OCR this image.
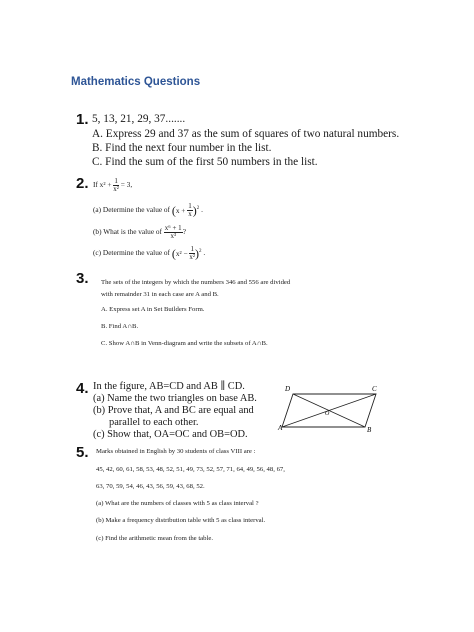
Mathematics Questions
1. 5, 13, 21, 29, 37.......
A. Express 29 and 37 as the sum of squares of two natural numbers.
B. Find the next four number in the list.
C. Find the sum of the first 50 numbers in the list.
2. If $x^2 + \frac{1}{\text{x²}} = 3$,
(a) Determine the value of $(x + \frac{1}{x} )^2$ .
(b) What is the value of $\frac{\text{x⁶ + 1}}{\text{x³}}$ ?
(c) Determine the value of $(x^2 - \frac{1}{\text{x²}} )^2$ .
3. The sets of the integers by which the numbers 346 and 556 are divided
with remainder 31 in each case are A and B.
A. Express set A in Set Builders Form.
B. Find A∩B.
C. Show A∩B in Venn-diagram and write the subsets of A∩B.
4. In the figure, AB=CD and AB ∥ CD.
(a) Name the two triangles on base AB.
(b) Prove that, A and BC are equal and
parallel to each other.
(c) Show that, OA=OC and OB=OD.
D	C
O
A	B
5. Marks obtained in English by 30 students of class VIII are :
45, 42, 60, 61, 58, 53, 48, 52, 51, 49, 73, 52, 57, 71, 64, 49, 56, 48, 67,
63, 70, 59, 54, 46, 43, 56, 59, 43, 68, 52.
(a) What are the numbers of classes with 5 as class interval ?
(b) Make a frequency distribution table with 5 as class interval.
(c) Find the arithmetic mean from the table.
